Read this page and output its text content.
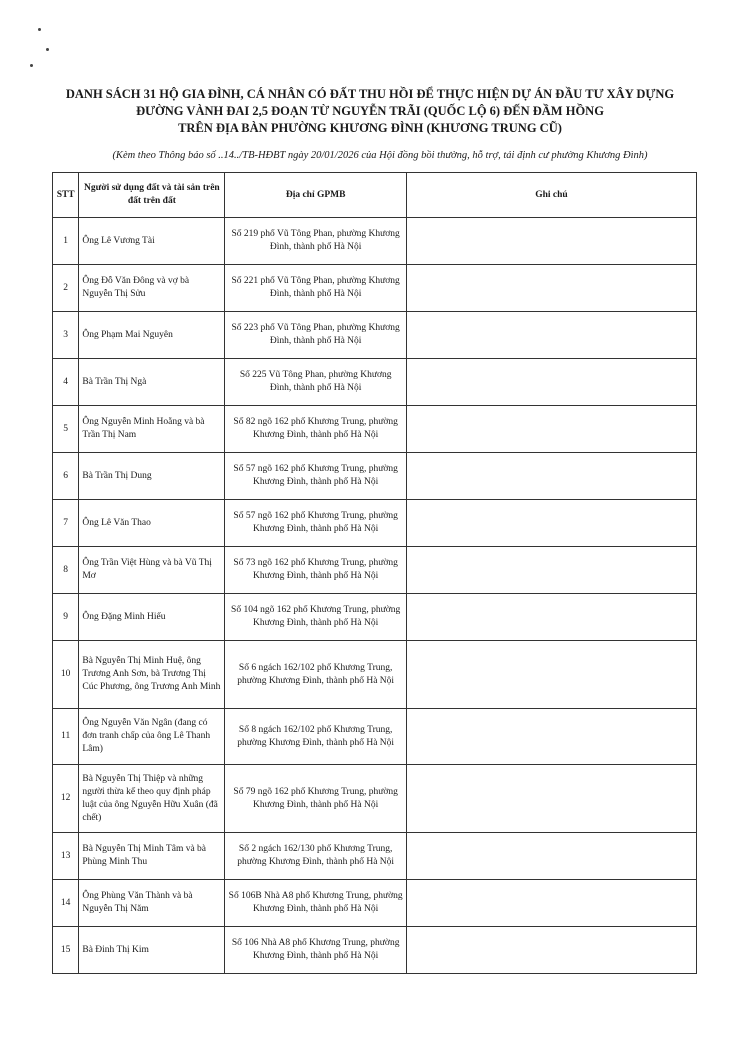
DANH SÁCH 31 HỘ GIA ĐÌNH, CÁ NHÂN CÓ ĐẤT THU HỒI ĐỂ THỰC HIỆN DỰ ÁN ĐẦU TƯ XÂY DỰNG
ĐƯỜNG VÀNH ĐAI 2,5 ĐOẠN TỪ NGUYỄN TRÃI (QUỐC LỘ 6) ĐẾN ĐẦM HỒNG
TRÊN ĐỊA BÀN PHƯỜNG KHƯƠNG ĐÌNH (KHƯƠNG TRUNG CŨ)
(Kèm theo Thông báo số ..14../TB-HĐBT ngày 20/01/2026 của Hội đồng bồi thường, hỗ trợ, tái định cư phường Khương Đình)
STT	Người sử dụng đất và tài sản trên đất trên đất	Địa chỉ GPMB	Ghi chú
1	Ông Lê Vương Tài	Số 219 phố Vũ Tông Phan, phường Khương Đình, thành phố Hà Nội	
2	Ông Đỗ Văn Đông và vợ bà Nguyễn Thị Sửu	Số 221 phố Vũ Tông Phan, phường Khương Đình, thành phố Hà Nội	
3	Ông Phạm Mai Nguyên	Số 223 phố Vũ Tông Phan, phường Khương Đình, thành phố Hà Nội	
4	Bà Trần Thị Ngà	Số 225 Vũ Tông Phan, phường Khương Đình, thành phố Hà Nội	
5	Ông Nguyễn Minh Hoằng và bà Trần Thị Nam	Số 82 ngõ 162 phố Khương Trung, phường Khương Đình, thành phố Hà Nội	
6	Bà Trần Thị Dung	Số 57 ngõ 162 phố Khương Trung, phường Khương Đình, thành phố Hà Nội	
7	Ông Lê Văn Thao	Số 57 ngõ 162 phố Khương Trung, phường Khương Đình, thành phố Hà Nội	
8	Ông Trần Việt Hùng và bà Vũ Thị Mơ	Số 73 ngõ 162 phố Khương Trung, phường Khương Đình, thành phố Hà Nội	
9	Ông Đặng Minh Hiếu	Số 104 ngõ 162 phố Khương Trung, phường Khương Đình, thành phố Hà Nội	
10	Bà Nguyễn Thị Minh Huệ, ông Trương Anh Sơn, bà Trương Thị Cúc Phương, ông Trương Anh Minh	Số 6 ngách 162/102 phố Khương Trung, phường Khương Đình, thành phố Hà Nội	
11	Ông Nguyễn Văn Ngân (đang có đơn tranh chấp của ông Lê Thanh Lâm)	Số 8 ngách 162/102 phố Khương Trung, phường Khương Đình, thành phố Hà Nội	
12	Bà Nguyễn Thị Thiệp và những người thừa kế theo quy định pháp luật của ông Nguyễn Hữu Xuân (đã chết)	Số 79 ngõ 162 phố Khương Trung, phường Khương Đình, thành phố Hà Nội	
13	Bà Nguyễn Thị Minh Tâm và bà Phùng Minh Thu	Số 2 ngách 162/130 phố Khương Trung, phường Khương Đình, thành phố Hà Nội	
14	Ông Phùng Văn Thành và bà Nguyễn Thị Năm	Số 106B Nhà A8 phố Khương Trung, phường Khương Đình, thành phố Hà Nội	
15	Bà Đinh Thị Kim	Số 106 Nhà A8 phố Khương Trung, phường Khương Đình, thành phố Hà Nội	
